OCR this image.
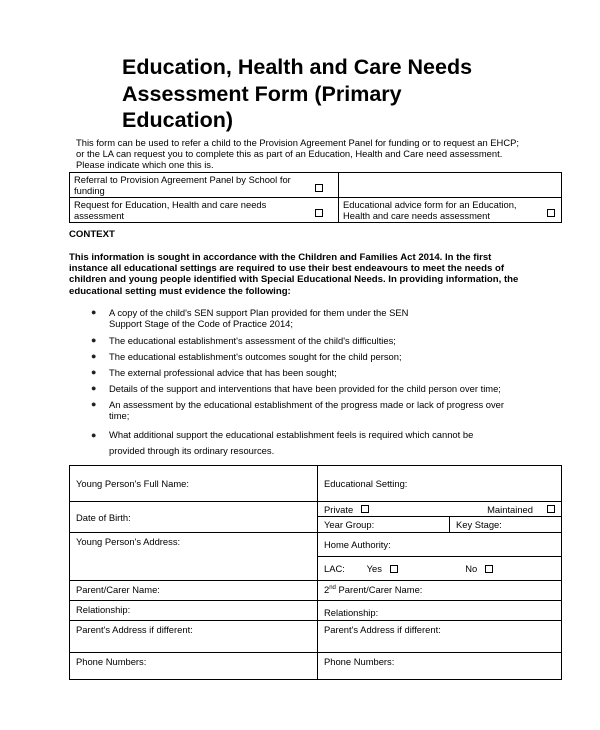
Education, Health and Care Needs
Assessment Form (Primary
Education)
This form can be used to refer a child to the Provision Agreement Panel for funding or to request an EHCP;
or the LA can request you to complete this as part of an Education, Health and Care need assessment.
Please indicate which one this is.
Referral to Provision Agreement Panel by School for
funding	

Request for Education, Health and care needs
assessment	Educational advice form for an Education,
Health and care needs assessment
CONTEXT
This information is sought in accordance with the Children and Families Act 2014. In the first
instance all educational settings are required to use their best endeavours to meet the needs of
children and young people identified with Special Educational Needs. In providing information, the
educational setting must evidence the following:
● A copy of the child's SEN support Plan provided for them under the SEN
Support Stage of the Code of Practice 2014;
● The educational establishment's assessment of the child's difficulties;
● The educational establishment's outcomes sought for the child person;
● The external professional advice that has been sought;
● Details of the support and interventions that have been provided for the child person over time;
● An assessment by the educational establishment of the progress made or lack of progress over
time;
● What additional support the educational establishment feels is required which cannot be
provided through its ordinary resources.
Young Person's Full Name:	Educational Setting:
Date of Birth:	Private Maintained

	Year Group: Key Stage:

Young Person's Address:	Home Authority:
	LAC: Yes
No

Parent/Carer Name:	2nd Parent/Carer Name:
Relationship:	Relationship:
Parent's Address if different:	Parent's Address if different:
Phone Numbers:	Phone Numbers:
